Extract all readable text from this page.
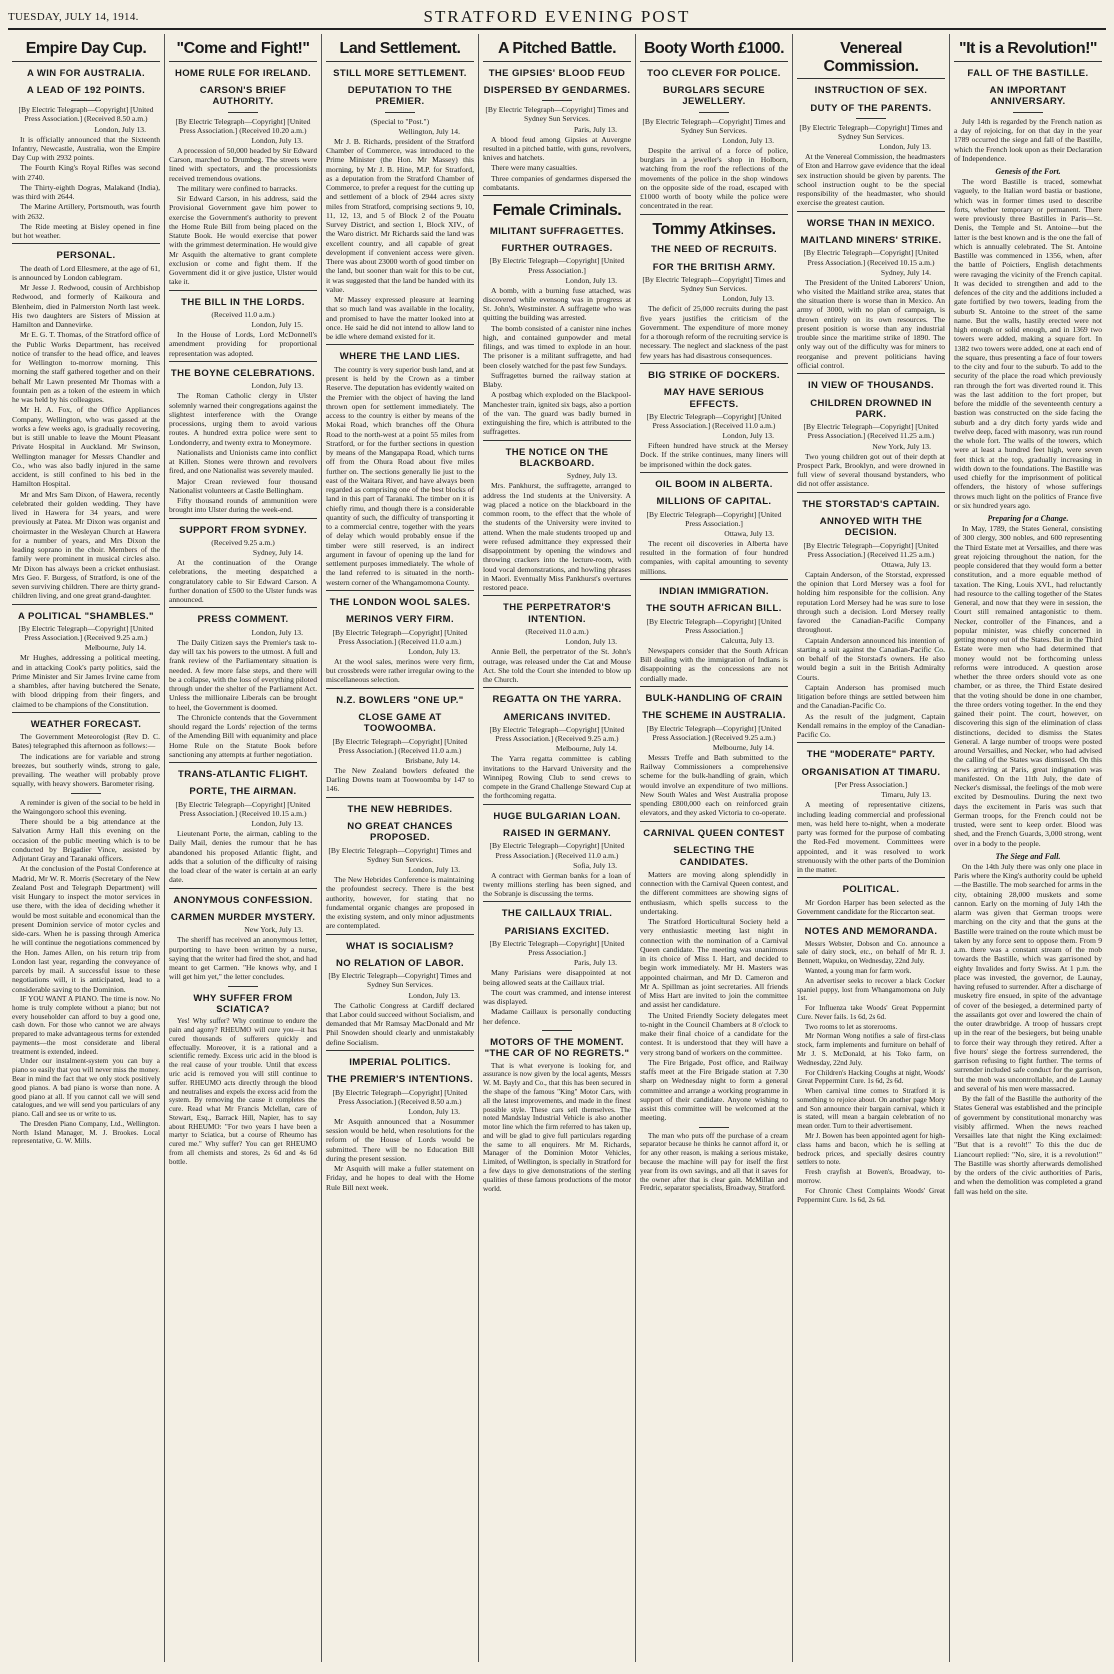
TUESDAY, JULY 14, 1914.	STRATFORD EVENING POST
Empire Day Cup.
A WIN FOR AUSTRALIA.
A LEAD OF 192 POINTS.
[By Electric Telegraph—Copyright] [United Press Association.] (Received 8.50 a.m.)
London, July 13.

It is officially announced that the Sixteenth Infantry, Newcastle, Australia, won the Empire Day Cup with 2932 points.

The Fourth King's Royal Rifles was second with 2740.

The Thirty-eighth Dogras, Malakand (India), was third with 2644.

The Marine Artillery, Portsmouth, was fourth with 2632.

The Ride meeting at Bisley opened in fine but hot weather.

PERSONAL.

The death of Lord Ellesmere, at the age of 61, is announced by London cablegram.

Mr Jesse J. Redwood, cousin of Archbishop Redwood, and formerly of Kaikoura and Blenheim, died in Palmerston North last week. His two daughters are Sisters of Mission at Hamilton and Dannevirke.

Mr E. G. T. Thomas, of the Stratford office of the Public Works Department, has received notice of transfer to the head office, and leaves for Wellington to-morrow morning. This morning the staff gathered together and on their behalf Mr Lawn presented Mr Thomas with a fountain pen as a token of the esteem in which he was held by his colleagues.

Mr H. A. Fox, of the Office Appliances Company, Wellington, who was gassed at the works a few weeks ago, is gradually recovering, but is still unable to leave the Mount Pleasant Private Hospital in Auckland. Mr Swinson, Wellington manager for Messrs Chandler and Co., who was also badly injured in the same accident, is still confined to his bed in the Hamilton Hospital.

Mr and Mrs Sam Dixon, of Hawera, recently celebrated their golden wedding. They have lived in Hawera for 34 years, and were previously at Patea. Mr Dixon was organist and choirmaster in the Wesleyan Church at Hawera for a number of years, and Mrs Dixon the leading soprano in the choir. Members of the family were prominent in musical circles also. Mr Dixon has always been a cricket enthusiast. Mrs Geo. F. Burgess, of Stratford, is one of the seven surviving children. There are thirty grand-children living, and one great grand-daughter.

A POLITICAL "SHAMBLES."
[By Electric Telegraph—Copyright] [United Press Association.] (Received 9.25 a.m.)
Melbourne, July 14.

Mr Hughes, addressing a political meeting, and in attacking Cook's party politics, said the Prime Minister and Sir James Irvine came from a shambles, after having butchered the Senate, with blood dripping from their fingers, and claimed to be champions of the Constitution.

WEATHER FORECAST.

The Government Meteorologist (Rev D. C. Bates) telegraphed this afternoon as follows:—

The indications are for variable and strong breezes, but southerly winds, strong to gale, prevailing. The weather will probably prove squally, with heavy showers. Barometer rising.

A reminder is given of the social to be held in the Waingongoro school this evening.

There should be a big attendance at the Salvation Army Hall this evening on the occasion of the public meeting which is to be conducted by Brigadier Vince, assisted by Adjutant Gray and Taranaki officers.

At the conclusion of the Postal Conference at Madrid, Mr W. R. Morris (Secretary of the New Zealand Post and Telegraph Department) will visit Hungary to inspect the motor services in use there, with the idea of deciding whether it would be most suitable and economical than the present Dominion service of motor cycles and side-cars. When he is passing through America he will continue the negotiations commenced by the Hon. James Allen, on his return trip from London last year, regarding the conveyance of parcels by mail. A successful issue to these negotiations will, it is anticipated, lead to a considerable saving to the Dominion.

IF YOU WANT A PIANO. The time is now. No home is truly complete without a piano; but not every householder can afford to buy a good one, cash down. For those who cannot we are always prepared to make advantageous terms for extended payments—the most considerate and liberal treatment is extended, indeed.

Under our instalment-system you can buy a piano so easily that you will never miss the money. Bear in mind the fact that we only stock positively good pianos. A bad piano is worse than none. A good piano at all. If you cannot call we will send catalogues, and we will send you particulars of any piano. Call and see us or write to us.

The Dresden Piano Company, Ltd., Wellington. North Island Manager, M. J. Brookes. Local representative, G. W. Mills.

"Come and Fight!"
HOME RULE FOR IRELAND.
CARSON'S BRIEF AUTHORITY.
[By Electric Telegraph—Copyright] [United Press Association.] (Received 10.20 a.m.)
London, July 13.

A procession of 50,000 headed by Sir Edward Carson, marched to Drumbeg. The streets were lined with spectators, and the processionists received tremendous ovations.

The military were confined to barracks.

Sir Edward Carson, in his address, said the Provisional Government gave him power to exercise the Government's authority to prevent the Home Rule Bill from being placed on the Statute Book. He would exercise that power with the grimmest determination. He would give Mr Asquith the alternative to grant complete exclusion or come and fight them. If the Government did it or give justice, Ulster would take it.

THE BILL IN THE LORDS.
(Received 11.0 a.m.)
London, July 15.

In the House of Lords, Lord McDonnell's amendment providing for proportional representation was adopted.

THE BOYNE CELEBRATIONS.
London, July 13.

The Roman Catholic clergy in Ulster solemnly warned their congregations against the slightest interference with the Orange processions, urging them to avoid various routes. A hundred extra police were sent to Londonderry, and twenty extra to Moneymore.

Nationalists and Unionists came into conflict at Killen. Stones were thrown and revolvers fired, and one Nationalist was severely mauled.

Major Crean reviewed four thousand Nationalist volunteers at Castle Bellingham.

Fifty thousand rounds of ammunition were brought into Ulster during the week-end.

SUPPORT FROM SYDNEY.
(Received 9.25 a.m.)
Sydney, July 14.

At the continuation of the Orange celebrations, the meeting despatched a congratulatory cable to Sir Edward Carson. A further donation of £500 to the Ulster funds was announced.

PRESS COMMENT.
London, July 13.

The Daily Citizen says the Premier's task to-day will tax his powers to the utmost. A full and frank review of the Parliamentary situation is needed. A few more false steps, and there will be a collapse, with the loss of everything piloted through under the shelter of the Parliament Act. Unless the millionaire Liberals can be brought to heel, the Government is doomed.

The Chronicle contends that the Government should regard the Lords' rejection of the terms of the Amending Bill with equanimity and place Home Rule on the Statute Book before sanctioning any attempts at further negotiation.

TRANS-ATLANTIC FLIGHT.
PORTE, THE AIRMAN.
[By Electric Telegraph—Copyright] [United Press Association.] (Received 10.15 a.m.)
London, July 13.

Lieutenant Porte, the airman, cabling to the Daily Mail, denies the rumour that he has abandoned his proposed Atlantic flight, and adds that a solution of the difficulty of raising the load clear of the water is certain at an early date.

ANONYMOUS CONFESSION.
CARMEN MURDER MYSTERY.
New York, July 13.

The sheriff has received an anonymous letter, purporting to have been written by a nurse, saying that the writer had fired the shot, and had meant to get Carmen. "He knows why, and I will get him yet," the letter concludes.

WHY SUFFER FROM SCIATICA?

Yes! Why suffer? Why continue to endure the pain and agony? RHEUMO will cure you—it has cured thousands of sufferers quickly and effectually. Moreover, it is a rational and a scientific remedy. Excess uric acid in the blood is the real cause of your trouble. Until that excess uric acid is removed you will still continue to suffer. RHEUMO acts directly through the blood and neutralises and expels the excess acid from the system. By removing the cause it completes the cure. Read what Mr Francis Mclellan, care of Stewart, Esq., Barrack Hill, Napier, has to say about RHEUMO: "For two years I have been a martyr to Sciatica, but a course of Rheumo has cured me." Why suffer? You can get RHEUMO from all chemists and stores, 2s 6d and 4s 6d bottle.

Land Settlement.
STILL MORE SETTLEMENT.
DEPUTATION TO THE PREMIER.
(Special to "Post.")
Wellington, July 14.

Mr J. B. Richards, president of the Stratford Chamber of Commerce, was introduced to the Prime Minister (the Hon. Mr Massey) this morning, by Mr J. B. Hine, M.P. for Stratford, as a deputation from the Stratford Chamber of Commerce, to prefer a request for the cutting up and settlement of a block of 2944 acres sixty miles from Stratford, comprising sections 9, 10, 11, 12, 13, and 5 of Block 2 of the Pouatu Survey District, and section 1, Block XIV., of the Waro district. Mr Richards said the land was excellent country, and all capable of great development if convenient access were given. There was about 23000 worth of good timber on the land, but sooner than wait for this to be cut, it was suggested that the land be handed with its value.

Mr Massey expressed pleasure at learning that so much land was available in the locality, and promised to have the matter looked into at once. He said he did not intend to allow land to be idle where demand existed for it.

WHERE THE LAND LIES.

The country is very superior bush land, and at present is held by the Crown as a timber Reserve. The deputation has evidently waited on the Premier with the object of having the land thrown open for settlement immediately. The access to the country is either by means of the Mokai Road, which branches off the Ohura Road to the north-west at a point 55 miles from Stratford, or for the further sections in question by means of the Mangapapa Road, which turns off from the Ohura Road about five miles further on. The sections generally lie just to the east of the Waitara River, and have always been regarded as comprising one of the best blocks of land in this part of Taranaki. The timber on it is chiefly rimu, and though there is a considerable quantity of such, the difficulty of transporting it to a commercial centre, together with the years of delay which would probably ensue if the timber were still reserved, is an indirect argument in favour of opening up the land for settlement purposes immediately. The whole of the land referred to is situated in the north-western corner of the Whangamomona County.

THE LONDON WOOL SALES.
MERINOS VERY FIRM.
[By Electric Telegraph—Copyright] [United Press Association.] (Received 11.0 a.m.)
London, July 13.

At the wool sales, merinos were very firm, but crossbreds were rather irregular owing to the miscellaneous selection.

N.Z. BOWLERS "ONE UP."
CLOSE GAME AT TOOWOOMBA.
[By Electric Telegraph—Copyright] [United Press Association.] (Received 11.0 a.m.)
Brisbane, July 14.

The New Zealand bowlers defeated the Darling Downs team at Toowoomba by 147 to 146.

THE NEW HEBRIDES.
NO GREAT CHANCES PROPOSED.
[By Electric Telegraph—Copyright] Times and Sydney Sun Services.
London, July 13.

The New Hebrides Conference is maintaining the profoundest secrecy. There is the best authority, however, for stating that no fundamental organic changes are proposed in the existing system, and only minor adjustments are contemplated.

WHAT IS SOCIALISM?
NO RELATION OF LABOR.
[By Electric Telegraph—Copyright] Times and Sydney Sun Services.
London, July 13.

The Catholic Congress at Cardiff declared that Labor could succeed without Socialism, and demanded that Mr Ramsay MacDonald and Mr Phil Snowden should clearly and unmistakably define Socialism.

IMPERIAL POLITICS.
THE PREMIER'S INTENTIONS.
[By Electric Telegraph—Copyright] [United Press Association.] (Received 8.50 a.m.)
London, July 13.

Mr Asquith announced that a Nosummer session would be held, when resolutions for the reform of the House of Lords would be submitted. There will be no Education Bill during the present session.

Mr Asquith will make a fuller statement on Friday, and he hopes to deal with the Home Rule Bill next week.

A Pitched Battle.
THE GIPSIES' BLOOD FEUD
DISPERSED BY GENDARMES.
[By Electric Telegraph—Copyright] Times and Sydney Sun Services.
Paris, July 13.

A blood feud among Gipsies at Auvergne resulted in a pitched battle, with guns, revolvers, knives and hatchets.

There were many casualties.

Three companies of gendarmes dispersed the combatants.

Female Criminals.
MILITANT SUFFRAGETTES.
FURTHER OUTRAGES.
[By Electric Telegraph—Copyright] [United Press Association.]
London, July 13.

A bomb, with a burning fuse attached, was discovered while evensong was in progress at St. John's, Westminster. A suffragette who was quitting the building was arrested.

The bomb consisted of a canister nine inches high, and contained gunpowder and metal filings, and was timed to explode in an hour. The prisoner is a militant suffragette, and had been closely watched for the past few Sundays.

Suffragettes burned the railway station at Blaby.

A postbag which exploded on the Blackpool-Manchester train, ignited six bags, also a portion of the van. The guard was badly burned in extinguishing the fire, which is attributed to the suffragettes.

THE NOTICE ON THE BLACKBOARD.
Sydney, July 13.

Mrs. Pankhurst, the suffragette, arranged to address the 1nd students at the University. A wag placed a notice on the blackboard in the common room, to the effect that the whole of the students of the University were invited to attend. When the male students trooped up and were refused admittance they expressed their disappointment by opening the windows and throwing crackers into the lecture-room, with loud vocal demonstrations, and howling phrases in Maori. Eventually Miss Pankhurst's overtures restored peace.

THE PERPETRATOR'S INTENTION.
(Received 11.0 a.m.)
London, July 13.

Annie Bell, the perpetrator of the St. John's outrage, was released under the Cat and Mouse Act. She told the Court she intended to blow up the Church.

REGATTA ON THE YARRA.
AMERICANS INVITED.
[By Electric Telegraph—Copyright] [United Press Association.] (Received 9.25 a.m.)
Melbourne, July 14.

The Yarra regatta committee is cabling invitations to the Harvard University and the Winnipeg Rowing Club to send crews to compete in the Grand Challenge Steward Cup at the forthcoming regatta.

HUGE BULGARIAN LOAN.
RAISED IN GERMANY.
[By Electric Telegraph—Copyright] [United Press Association.] (Received 11.0 a.m.)
Sofia, July 13.

A contract with German banks for a loan of twenty millions sterling has been signed, and the Sobranje is discussing the terms.

THE CAILLAUX TRIAL.
PARISIANS EXCITED.
[By Electric Telegraph—Copyright] [United Press Association.]
Paris, July 13.

Many Parisians were disappointed at not being allowed seats at the Caillaux trial.

The court was crammed, and intense interest was displayed.

Madame Caillaux is personally conducting her defence.

MOTORS OF THE MOMENT. "THE CAR OF NO REGRETS."

That is what everyone is looking for, and assurance is now given by the local agents, Messrs W. M. Bayly and Co., that this has been secured in the shape of the famous "King" Motor Cars, with all the latest improvements, and made in the finest possible style. These cars sell themselves. The noted Mandslay Industrial Vehicle is also another motor line which the firm referred to has taken up, and will be glad to give full particulars regarding the same to all enquirers. Mr M. Richards, Manager of the Dominion Motor Vehicles, Limited, of Wellington, is specially in Stratford for a few days to give demonstrations of the sterling qualities of these famous productions of the motor world.

Booty Worth £1000.
TOO CLEVER FOR POLICE.
BURGLARS SECURE JEWELLERY.
[By Electric Telegraph—Copyright] Times and Sydney Sun Services.
London, July 13.

Despite the arrival of a force of police, burglars in a jeweller's shop in Holborn, watching from the roof the reflections of the movements of the police in the shop windows on the opposite side of the road, escaped with £1000 worth of booty while the police were concentrated in the rear.

Tommy Atkinses.
THE NEED OF RECRUITS.
FOR THE BRITISH ARMY.
[By Electric Telegraph—Copyright] Times and Sydney Sun Services.
London, July 13.

The deficit of 25,000 recruits during the past five years justifies the criticism of the Government. The expenditure of more money for a thorough reform of the recruiting service is necessary. The neglect and slackness of the past few years has had disastrous consequences.

BIG STRIKE OF DOCKERS.
MAY HAVE SERIOUS EFFECTS.
[By Electric Telegraph—Copyright] [United Press Association.] (Received 11.0 a.m.)
London, July 13.

Fifteen hundred have struck at the Mersey Dock. If the strike continues, many liners will be imprisoned within the dock gates.

OIL BOOM IN ALBERTA.
MILLIONS OF CAPITAL.
[By Electric Telegraph—Copyright] [United Press Association.]
Ottawa, July 13.

The recent oil discoveries in Alberta have resulted in the formation of four hundred companies, with capital amounting to seventy millions.

INDIAN IMMIGRATION.
THE SOUTH AFRICAN BILL.
[By Electric Telegraph—Copyright] [United Press Association.]
Calcutta, July 13.

Newspapers consider that the South African Bill dealing with the immigration of Indians is disappointing as the concessions are not cordially made.

BULK-HANDLING OF CRAIN
THE SCHEME IN AUSTRALIA.
[By Electric Telegraph—Copyright] [United Press Association.] (Received 9.25 a.m.)
Melbourne, July 14.

Messrs Treffe and Bath submitted to the Railway Commissioners a comprehensive scheme for the bulk-handling of grain, which would involve an expenditure of two millions. New South Wales and West Australia propose spending £800,000 each on reinforced grain elevators, and they asked Victoria to co-operate.

CARNIVAL QUEEN CONTEST
SELECTING THE CANDIDATES.

Matters are moving along splendidly in connection with the Carnival Queen contest, and the different committees are showing signs of enthusiasm, which spells success to the undertaking.

The Stratford Horticultural Society held a very enthusiastic meeting last night in connection with the nomination of a Carnival Queen candidate. The meeting was unanimous in its choice of Miss I. Hart, and decided to begin work immediately. Mr H. Masters was appointed chairman, and Mr D. Cameron and Mr A. Spillman as joint secretaries. All friends of Miss Hart are invited to join the committee and assist her candidature.

The United Friendly Society delegates meet to-night in the Council Chambers at 8 o'clock to make their final choice of a candidate for the contest. It is understood that they will have a very strong band of workers on the committee.

The Fire Brigade, Post office, and Railway staffs meet at the Fire Brigade station at 7.30 sharp on Wednesday night to form a general committee and arrange a working programme in support of their candidate. Anyone wishing to assist this committee will be welcomed at the meeting.

The man who puts off the purchase of a cream separator because he thinks he cannot afford it, or for any other reason, is making a serious mistake, because the machine will pay for itself the first year from its own savings, and all that it saves for the owner after that is clear gain. McMillan and Fredric, separator specialists, Broadway, Stratford.

Venereal Commission.
INSTRUCTION OF SEX.
DUTY OF THE PARENTS.
[By Electric Telegraph—Copyright] Times and Sydney Sun Services.
London, July 13.

At the Venereal Commission, the headmasters of Eton and Harrow gave evidence that the ideal sex instruction should be given by parents. The school instruction ought to be the special responsibility of the headmaster, who should exercise the greatest caution.

WORSE THAN IN MEXICO.
MAITLAND MINERS' STRIKE.
[By Electric Telegraph—Copyright] [United Press Association.] (Received 10.15 a.m.)
Sydney, July 14.

The President of the United Laborers' Union, who visited the Maitland strike area, states that the situation there is worse than in Mexico. An army of 3000, with no plan of campaign, is thrown entirely on its own resources. The present position is worse than any industrial trouble since the maritime strike of 1890. The only way out of the difficulty was for miners to reorganise and prevent politicians having official control.

IN VIEW OF THOUSANDS.
CHILDREN DROWNED IN PARK.
[By Electric Telegraph—Copyright] [United Press Association.] (Received 11.25 a.m.)
New York, July 13.

Two young children got out of their depth at Prospect Park, Brooklyn, and were drowned in full view of several thousand bystanders, who did not offer assistance.

THE STORSTAD'S CAPTAIN.
ANNOYED WITH THE DECISION.
[By Electric Telegraph—Copyright] [United Press Association.] (Received 11.25 a.m.)
Ottawa, July 13.

Captain Anderson, of the Storstad, expressed the opinion that Lord Mersey was a fool for holding him responsible for the collision. Any reputation Lord Mersey had he was sure to lose through such a decision. Lord Mersey really favored the Canadian-Pacific Company throughout.

Captain Anderson announced his intention of starting a suit against the Canadian-Pacific Co. on behalf of the Storstad's owners. He also would begin a suit in the British Admiralty Courts.

Captain Anderson has promised much litigation before things are settled between him and the Canadian-Pacific Co.

As the result of the judgment, Captain Kendall remains in the employ of the Canadian-Pacific Co.

THE "MODERATE" PARTY.
ORGANISATION AT TIMARU.
[Per Press Association.]
Timaru, July 13.

A meeting of representative citizens, including leading commercial and professional men, was held here to-night, when a moderate party was formed for the purpose of combating the Red-Fed movement. Committees were appointed, and it was resolved to work strenuously with the other parts of the Dominion in the matter.

POLITICAL.

Mr Gordon Harper has been selected as the Government candidate for the Riccarton seat.

NOTES AND MEMORANDA.

Messrs Webster, Dobson and Co. announce a sale of dairy stock, etc., on behalf of Mr R. J. Bennett, Wapuku, on Wednesday, 22nd July.

Wanted, a young man for farm work.

An advertiser seeks to recover a black Cocker spaniel puppy, lost from Whangamomona on July 1st.

For Influenza take Woods' Great Peppermint Cure. Never fails. 1s 6d, 2s 6d.

Two rooms to let as storerooms.

Mr Norman Wong notifies a sale of first-class stock, farm implements and furniture on behalf of Mr J. S. McDonald, at his Toko farm, on Wednesday, 22nd July.

For Children's Hacking Coughs at night, Woods' Great Peppermint Cure. 1s 6d, 2s 6d.

When carnival time comes to Stratford it is something to rejoice about. On another page Mory and Son announce their bargain carnival, which it is stated, will mean a bargain celebration of no mean order. Turn to their advertisement.

Mr J. Bowen has been appointed agent for high-class hams and bacon, which he is selling at bedrock prices, and specially desires country settlers to note.

Fresh crayfish at Bowen's, Broadway, to-morrow.

For Chronic Chest Complaints Woods' Great Peppermint Cure. 1s 6d, 2s 6d.

"It is a Revolution!"
FALL OF THE BASTILLE.
AN IMPORTANT ANNIVERSARY.

July 14th is regarded by the French nation as a day of rejoicing, for on that day in the year 1789 occurred the siege and fall of the Bastille, which the French look upon as their Declaration of Independence.

Genesis of the Fort.

The word Bastille is traced, somewhat vaguely, to the Italian word bastia or bastione, which was in former times used to describe forts, whether temporary or permanent. There were previously three Bastilles in Paris—St. Denis, the Temple and St. Antoine—but the latter is the best known and is the one the fall of which is annually celebrated. The St. Antoine Bastille was commenced in 1356, when, after the battle of Poictiers, English detachments were ravaging the vicinity of the French capital. It was decided to strengthen and add to the defences of the city and the additions included a gate fortified by two towers, leading from the suburb St. Antoine to the street of the same name. But the walls, hastily erected were not high enough or solid enough, and in 1369 two towers were added, making a square fort. In 1382 two towers were added, one at each end of the square, thus presenting a face of four towers to the city and four to the suburb. To add to the security of the place the road which previously ran through the fort was diverted round it. This was the last addition to the fort proper, but before the middle of the seventeenth century a bastion was constructed on the side facing the suburb and a dry ditch forty yards wide and twelve deep, faced with masonry, was run round the whole fort. The walls of the towers, which were at least a hundred feet high, were seven feet thick at the top, gradually increasing in width down to the foundations. The Bastille was used chiefly for the imprisonment of political offenders, the history of whose sufferings throws much light on the politics of France five or six hundred years ago.

Preparing for a Change.

In May, 1789, the States General, consisting of 300 clergy, 300 nobles, and 600 representing the Third Estate met at Versailles, and there was great rejoicing throughout the nation, for the people considered that they would form a better constitution, and a more equable method of taxation. The King, Louis XVI., had reluctantly had resource to the calling together of the States General, and now that they were in session, the Court still remained antagonistic to them. Necker, controller of the Finances, and a popular minister, was chiefly concerned in getting money out of the States. But in the Third Estate were men who had determined that money would not be forthcoming unless reforms were introduced. A question arose whether the three orders should vote as one chamber, or as three, the Third Estate desired that the voting should be done in one chamber, the three orders voting together. In the end they gained their point. The court, however, on discovering this sign of the elimination of class distinctions, decided to dismiss the States General. A large number of troops were posted around Versailles, and Necker, who had advised the calling of the States was dismissed. On this news arriving at Paris, great indignation was manifested. On the 11th July, the date of Necker's dismissal, the feelings of the mob were excited by Desmoulins. During the next two days the excitement in Paris was such that German troops, for the French could not be trusted, were sent to keep order. Blood was shed, and the French Guards, 3,000 strong, went over in a body to the people.

The Siege and Fall.

On the 14th July there was only one place in Paris where the King's authority could be upheld—the Bastille. The mob searched for arms in the city, obtaining 28,000 muskets and some cannon. Early on the morning of July 14th the alarm was given that German troops were marching on the city and that the guns at the Bastille were trained on the route which must be taken by any force sent to oppose them. From 9 a.m. there was a constant stream of the mob towards the Bastille, which was garrisoned by eighty Invalides and forty Swiss. At 1 p.m. the place was invested, the governor, de Launay, having refused to surrender. After a discharge of musketry fire ensued, in spite of the advantage of cover of the besieged, a determined party of the assailants got over and lowered the chain of the outer drawbridge. A troop of hussars crept up in the rear of the besiegers, but being unable to force their way through they retired. After a five hours' siege the fortress surrendered, the garrison refusing to fight further. The terms of surrender included safe conduct for the garrison, but the mob was uncontrollable, and de Launay and several of his men were massacred.

By the fall of the Bastille the authority of the States General was established and the principle of government by constitutional monarchy was visibly affirmed. When the news reached Versailles late that night the King exclaimed: "But that is a revolt!" To this the duc de Liancourt replied: "No, sire, it is a revolution!" The Bastille was shortly afterwards demolished by the orders of the civic authorities of Paris, and when the demolition was completed a grand fall was held on the site.
